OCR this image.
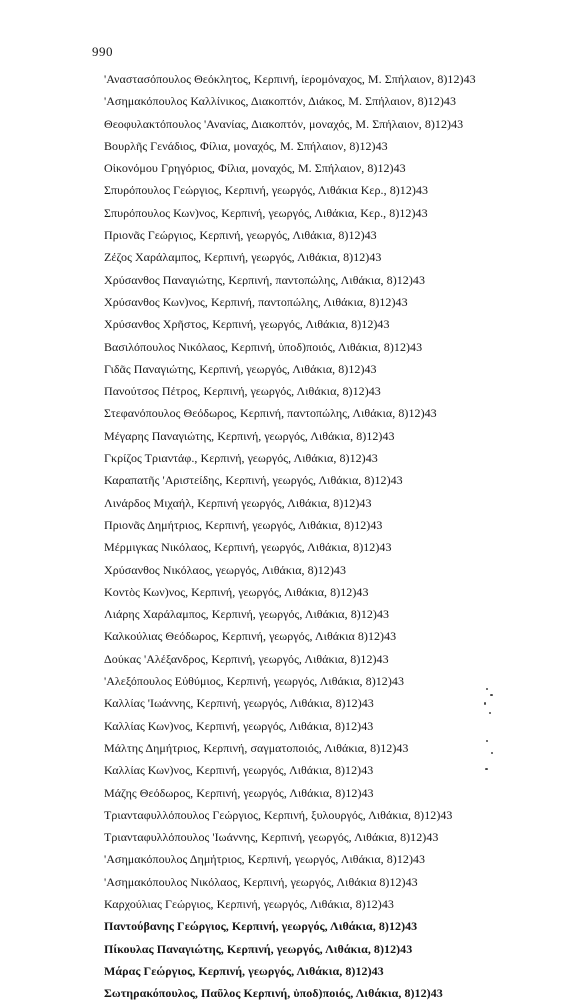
990
'Αναστασόπουλος Θεόκλητος, Κερπινή, ίερομόναχος, Μ. Σπήλαιον, 8)12)43
'Ασημακόπουλος Καλλίνικος, Διακοπτόν, Διάκος, Μ. Σπήλαιον, 8)12)43
Θεοφυλακτόπουλος 'Ανανίας, Διακοπτόν, μοναχός, Μ. Σπήλαιον, 8)12)43
Βουρλῆς Γενάδιος, Φίλια, μοναχός, Μ. Σπήλαιον, 8)12)43
Οἰκονόμου Γρηγόριος, Φίλια, μοναχός, Μ. Σπήλαιον, 8)12)43
Σπυρόπουλος Γεώργιος, Κερπινή, γεωργός, Λιθάκια Κερ., 8)12)43
Σπυρόπουλος Κων)νος, Κερπινή, γεωργός, Λιθάκια, Κερ., 8)12)43
Πριονᾶς Γεώργιος, Κερπινή, γεωργός, Λιθάκια, 8)12)43
Ζέζος Χαράλαμπος, Κερπινή, γεωργός, Λιθάκια, 8)12)43
Χρύσανθος Παναγιώτης, Κερπινή, παντοπώλης, Λιθάκια, 8)12)43
Χρύσανθος Κων)νος, Κερπινή, παντοπώλης, Λιθάκια, 8)12)43
Χρύσανθος Χρῆστος, Κερπινή, γεωργός, Λιθάκια, 8)12)43
Βασιλόπουλος Νικόλαος, Κερπινή, ὑποδ)ποιός, Λιθάκια, 8)12)43
Γιδᾶς Παναγιώτης, Κερπινή, γεωργός, Λιθάκια, 8)12)43
Πανούτσος Πέτρος, Κερπινή, γεωργός, Λιθάκια, 8)12)43
Στεφανόπουλος Θεόδωρος, Κερπινή, παντοπώλης, Λιθάκια, 8)12)43
Μέγαρης Παναγιώτης, Κερπινή, γεωργός, Λιθάκια, 8)12)43
Γκρίζος Τριαντάφ., Κερπινή, γεωργός, Λιθάκια, 8)12)43
Καραπατῆς 'Αριστείδης, Κερπινή, γεωργός, Λιθάκια, 8)12)43
Λινάρδος Μιχαήλ, Κερπινή γεωργός, Λιθάκια, 8)12)43
Πριονᾶς Δημήτριος, Κερπινή, γεωργός, Λιθάκια, 8)12)43
Μέρμιγκας Νικόλαος, Κερπινή, γεωργός, Λιθάκια, 8)12)43
Χρύσανθος Νικόλαος, γεωργός, Λιθάκια, 8)12)43
Κοντὸς Κων)νος, Κερπινή, γεωργός, Λιθάκια, 8)12)43
Λιάρης Χαράλαμπος, Κερπινή, γεωργός, Λιθάκια, 8)12)43
Καλκούλιας Θεόδωρος, Κερπινή, γεωργός, Λιθάκια 8)12)43
Δούκας 'Αλέξανδρος, Κερπινή, γεωργός, Λιθάκια, 8)12)43
'Αλεξόπουλος Εὐθύμιος, Κερπινή, γεωργός, Λιθάκια, 8)12)43
Καλλίας 'Ιωάννης, Κερπινή, γεωργός, Λιθάκια, 8)12)43
Καλλίας Κων)νος, Κερπινή, γεωργός, Λιθάκια, 8)12)43
Μάλτης Δημήτριος, Κερπινή, σαγματοποιός, Λιθάκια, 8)12)43
Καλλίας Κων)νος, Κερπινή, γεωργός, Λιθάκια, 8)12)43
Μάζης Θεόδωρος, Κερπινή, γεωργός, Λιθάκια, 8)12)43
Τριανταφυλλόπουλος Γεώργιος, Κερπινή, ξυλουργός, Λιθάκια, 8)12)43
Τριανταφυλλόπουλος 'Ιωάννης, Κερπινή, γεωργός, Λιθάκια, 8)12)43
'Ασημακόπουλος Δημήτριος, Κερπινή, γεωργός, Λιθάκια, 8)12)43
'Ασημακόπουλος Νικόλαος, Κερπινή, γεωργός, Λιθάκια 8)12)43
Καρχούλιας Γεώργιος, Κερπινή, γεωργός, Λιθάκια, 8)12)43
Παντούβανης Γεώργιος, Κερπινή, γεωργός, Λιθάκια, 8)12)43
Πίκουλας Παναγιώτης, Κερπινή, γεωργός, Λιθάκια, 8)12)43
Μάρας Γεώργιος, Κερπινή, γεωργός, Λιθάκια, 8)12)43
Σωτηρακόπουλος, Παῦλος Κερπινή, ὑποδ)ποιός, Λιθάκια, 8)12)43
